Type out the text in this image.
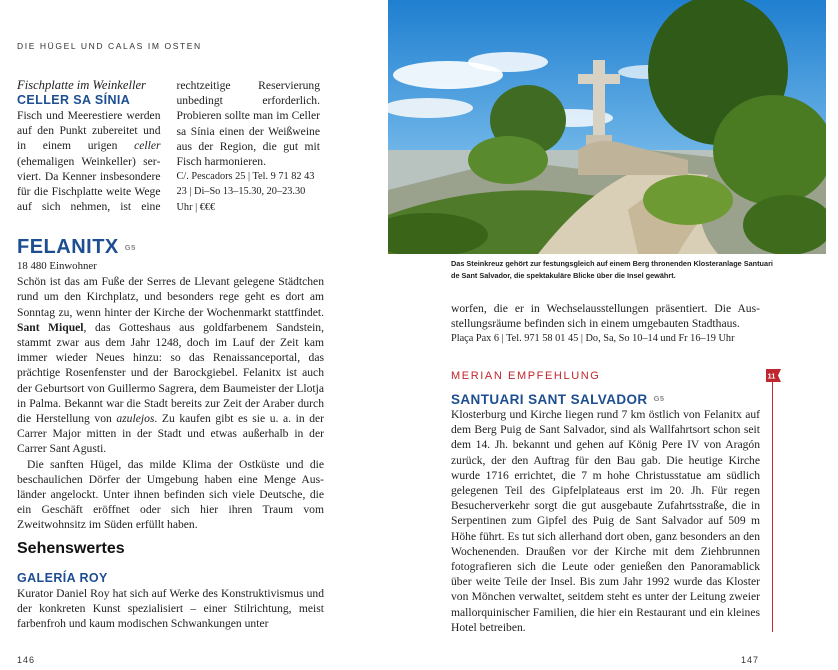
DIE HÜGEL UND CALAS IM OSTEN
Fischplatte im Weinkeller
CELLER SA SÍNIA

Fisch und Meerestiere werden auf den Punkt zubereitet und in einem urigen celler (ehemaligen Weinkeller) serviert. Da Kenner insbesondere für die Fischplatte weite Wege auf sich nehmen, ist eine rechtzeitige Reservierung unbedingt erforderlich. Probieren sollte man im Celler sa Sínia einen der Weißweine aus der Region, die gut mit Fisch harmonieren.

C/. Pescadors 25 | Tel. 9 71 82 43 23 | Di–So 13–15.30, 20–23.30 Uhr | €€€
FELANITX G5

18 480 Einwohner

Schön ist das am Fuße der Serres de Llevant gelegene Städtchen rund um den Kirchplatz, und besonders rege geht es dort am Sonntag zu, wenn hinter der Kirche der Wochenmarkt stattfindet. Sant Miquel, das Gotteshaus aus goldfarbenem Sandstein, stammt zwar aus dem Jahr 1248, doch im Lauf der Zeit kam immer wieder Neues hinzu: so das Renaissanceportal, das prächtige Rosenfenster und der Barockgiebel. Felanitx ist auch der Geburtsort von Guillermo Sagrera, dem Baumeister der Llotja in Palma. Bekannt war die Stadt bereits zur Zeit der Araber durch die Herstellung von azulejos. Zu kaufen gibt es sie u. a. in der Carrer Major mitten in der Stadt und etwas außerhalb in der Carrer Sant Agusti.

Die sanften Hügel, das milde Klima der Ostküste und die beschaulichen Dörfer der Umgebung haben eine Menge Ausländer angelockt. Unter ihnen befinden sich viele Deutsche, die ein Geschäft eröffnet oder sich hier ihren Traum vom Zweitwohnsitz im Süden erfüllt haben.

Sehenswertes
GALERÍA ROY
Kurator Daniel Roy hat sich auf Werke des Konstruktivismus und der konkreten Kunst spezialisiert – einer Stilrichtung, meist farbenfroh und kaum modischen Schwankungen unter
146
Das Steinkreuz gehört zur festungsgleich auf einem Berg thronenden Klosteranlage Santuari de Sant Salvador, die spektakuläre Blicke über die Insel gewährt.

worfen, die er in Wechselausstellungen präsentiert. Die Ausstellungsräume befinden sich in einem umgebauten Stadthaus.

Plaça Pax 6 | Tel. 971 58 01 45 | Do, Sa, So 10–14 und Fr 16–19 Uhr
MERIAN EMPFEHLUNG	11
SANTUARI SANT SALVADOR $^{G5}$
Klosterburg und Kirche liegen rund 7 km östlich von Felanitx auf dem Berg Puig de Sant Salvador, sind als Wallfahrtsort schon seit dem 14. Jh. bekannt und gehen auf König Pere IV von Aragón zurück, der den Auftrag für den Bau gab. Die heutige Kirche wurde 1716 errichtet, die 7 m hohe Christusstatue am südlich gelegenen Teil des Gipfelplateaus erst im 20. Jh. Für regen Besucherverkehr sorgt die gut ausgebaute Zufahrtsstraße, die in Serpentinen zum Gipfel des Puig de Sant Salvador auf 509 m Höhe führt. Es tut sich allerhand dort oben, ganz besonders an den Wochenenden. Draußen vor der Kirche mit dem Ziehbrunnen fotografieren sich die Leute oder genießen den Panoramablick über weite Teile der Insel. Bis zum Jahr 1992 wurde das Kloster von Mönchen verwaltet, seitdem steht es unter der Leitung zweier mallorquinischer Familien, die hier ein Restaurant und ein kleines Hotel betreiben.
147
